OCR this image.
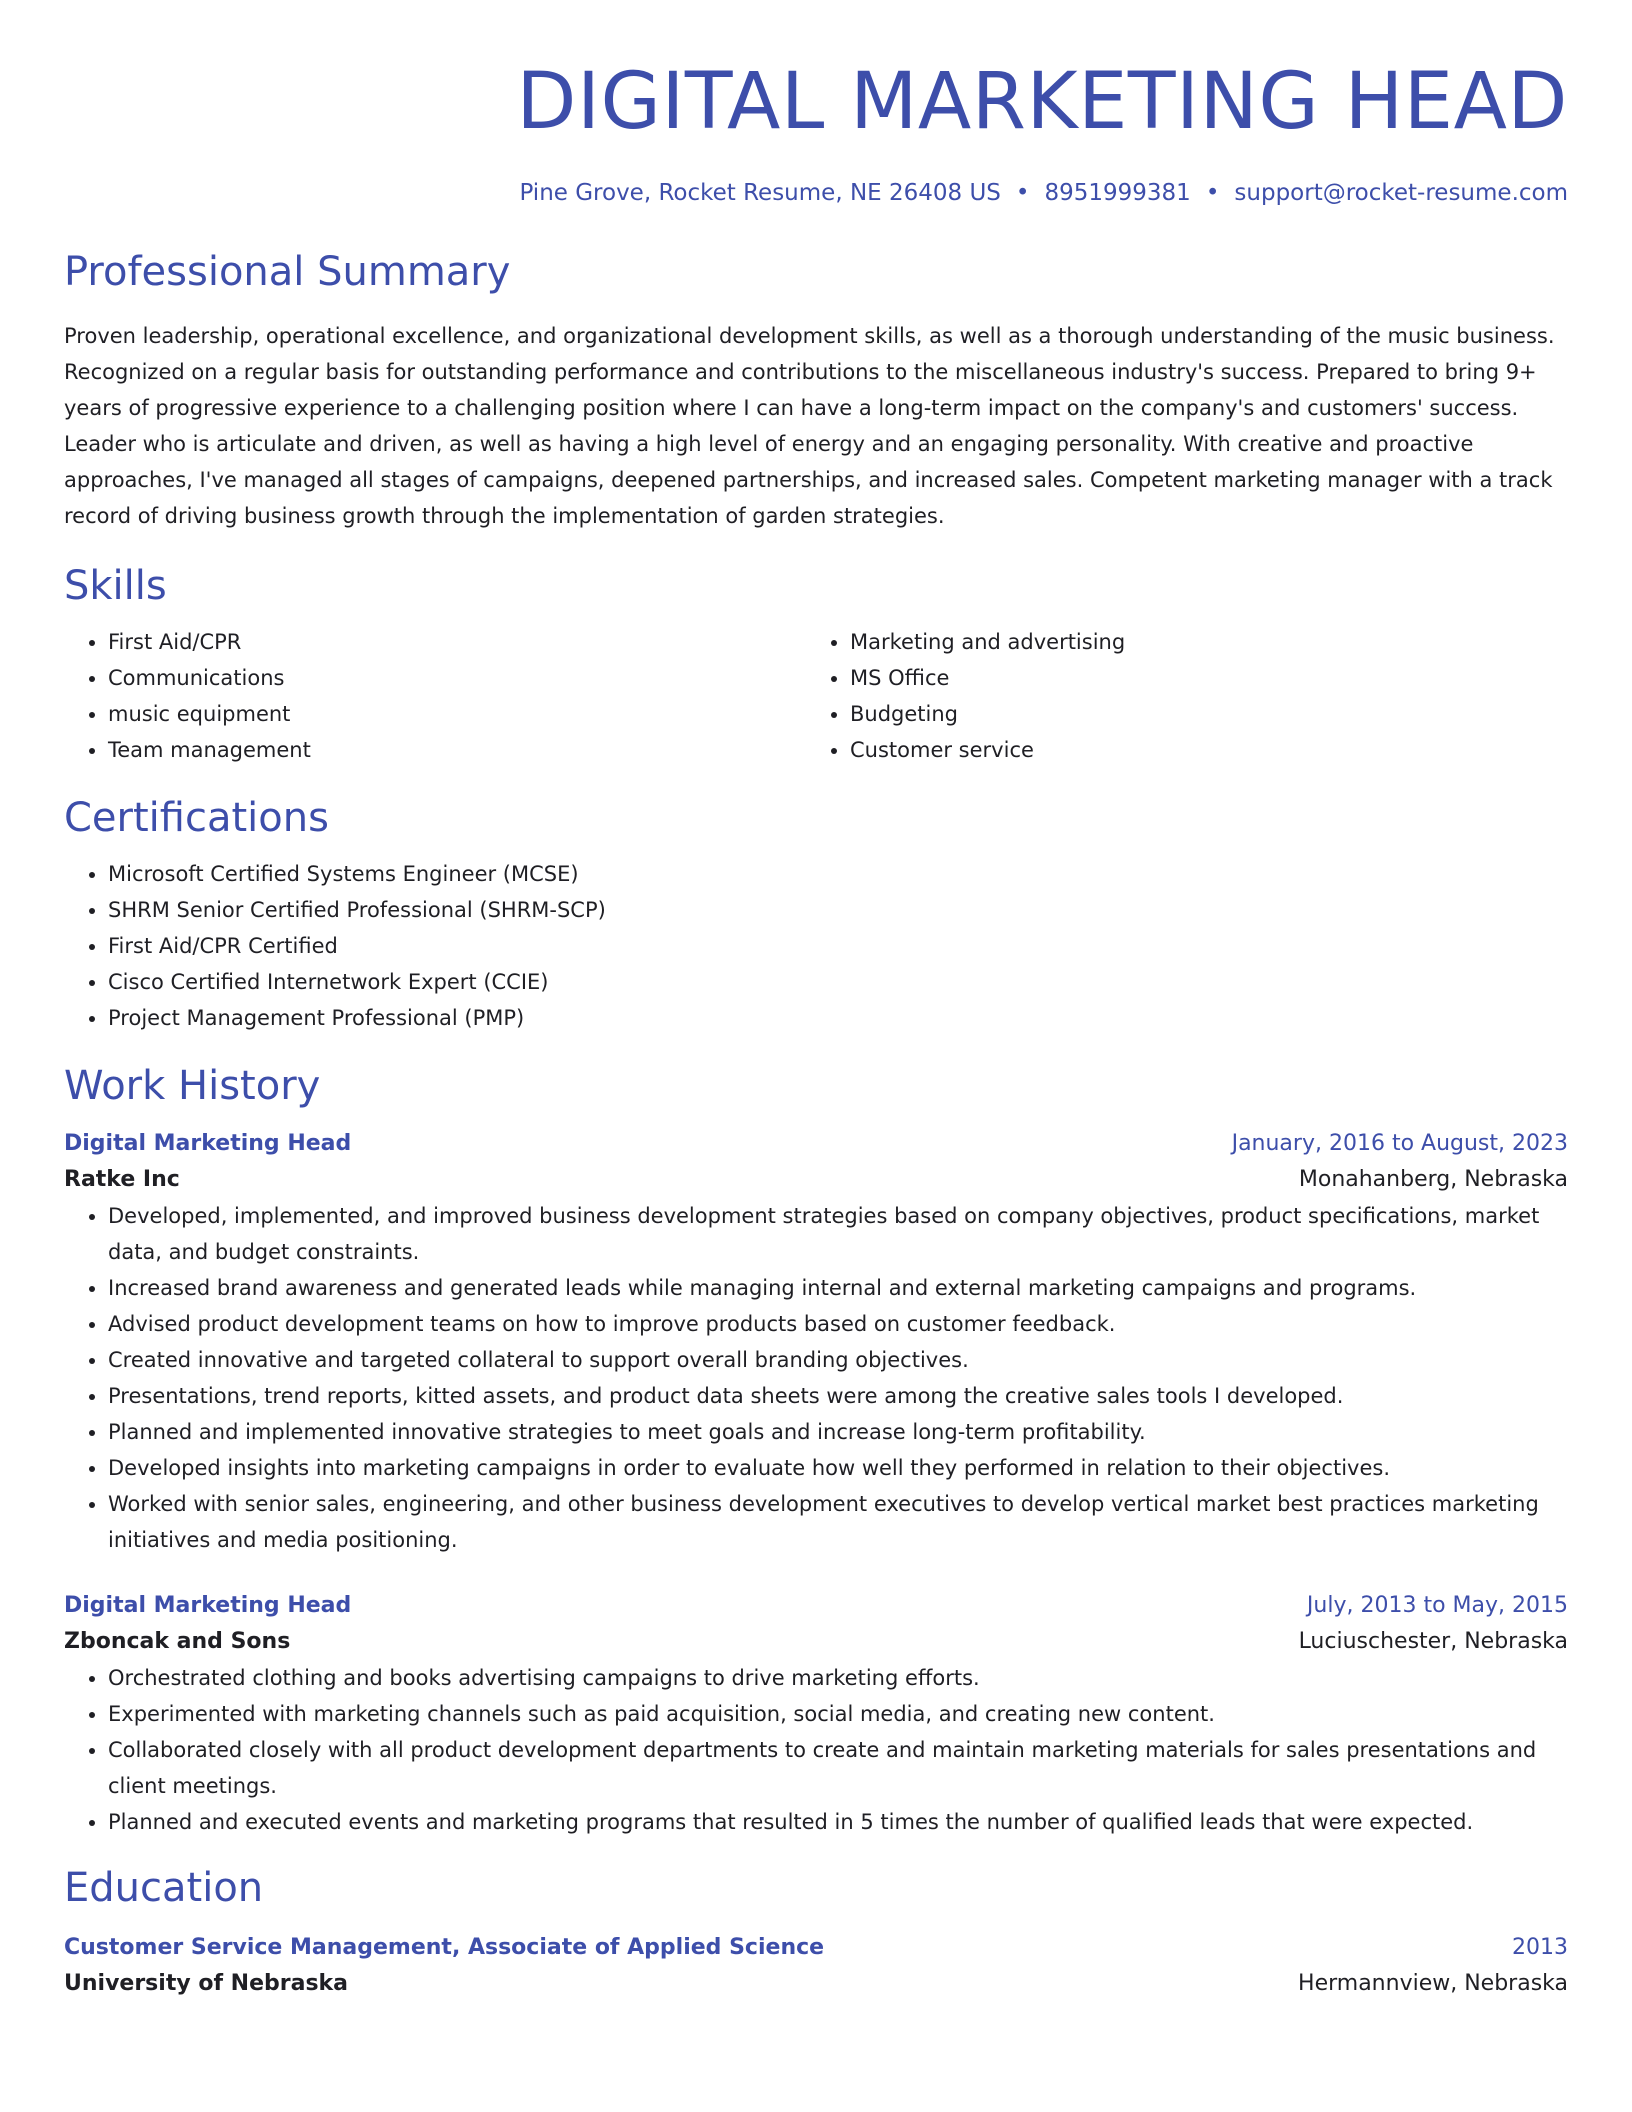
DIGITAL MARKETING HEAD
Pine Grove, Rocket Resume, NE 26408 US • 8951999381 • support@rocket-resume.com
Professional Summary

Proven leadership, operational excellence, and organizational development skills, as well as a thorough understanding of the music business. Recognized on a regular basis for outstanding performance and contributions to the miscellaneous industry's success. Prepared to bring 9+ years of progressive experience to a challenging position where I can have a long-term impact on the company's and customers' success. Leader who is articulate and driven, as well as having a high level of energy and an engaging personality. With creative and proactive approaches, I've managed all stages of campaigns, deepened partnerships, and increased sales. Competent marketing manager with a track record of driving business growth through the implementation of garden strategies.

Skills
• First Aid/CPR
• Communications
• music equipment
• Team management
• Marketing and advertising
• MS Office
• Budgeting
• Customer service
Certifications
• Microsoft Certified Systems Engineer (MCSE)
• SHRM Senior Certified Professional (SHRM-SCP)
• First Aid/CPR Certified
• Cisco Certified Internetwork Expert (CCIE)
• Project Management Professional (PMP)
Work History
Digital Marketing Head	January, 2016 to August, 2023
Ratke Inc	Monahanberg, Nebraska
• Developed, implemented, and improved business development strategies based on company objectives, product specifications, market data, and budget constraints.
• Increased brand awareness and generated leads while managing internal and external marketing campaigns and programs.
• Advised product development teams on how to improve products based on customer feedback.
• Created innovative and targeted collateral to support overall branding objectives.
• Presentations, trend reports, kitted assets, and product data sheets were among the creative sales tools I developed.
• Planned and implemented innovative strategies to meet goals and increase long-term profitability.
• Developed insights into marketing campaigns in order to evaluate how well they performed in relation to their objectives.
• Worked with senior sales, engineering, and other business development executives to develop vertical market best practices marketing initiatives and media positioning.
Digital Marketing Head	July, 2013 to May, 2015
Zboncak and Sons	Luciuschester, Nebraska
• Orchestrated clothing and books advertising campaigns to drive marketing efforts.
• Experimented with marketing channels such as paid acquisition, social media, and creating new content.
• Collaborated closely with all product development departments to create and maintain marketing materials for sales presentations and client meetings.
• Planned and executed events and marketing programs that resulted in 5 times the number of qualified leads that were expected.
Education
Customer Service Management, Associate of Applied Science	2013
University of Nebraska	Hermannview, Nebraska
